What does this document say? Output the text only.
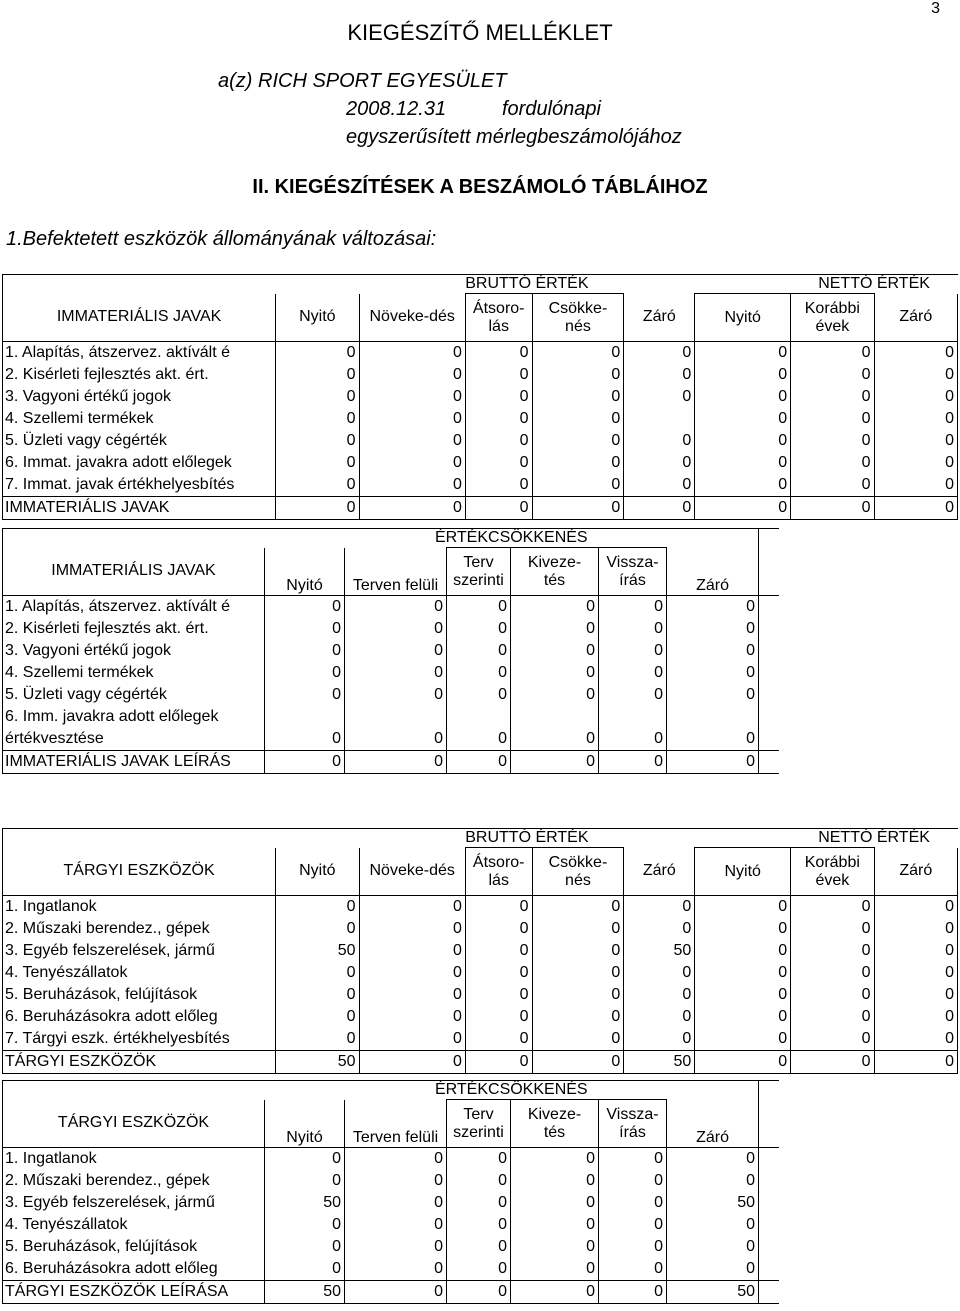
3
KIEGÉSZÍTŐ MELLÉKLET
a(z) RICH SPORT EGYESÜLET
2008.12.31	fordulónapi
egyszerűsített mérlegbeszámolójához
II. KIEGÉSZÍTÉSEK A BESZÁMOLÓ TÁBLÁIHOZ
1.Befektetett eszközök állományának változásai:
		BRUTTÓ ÉRTÉK					NETTÓ ÉRTÉK	
IMMATERIÁLIS JAVAK	Nyitó	Növeke-dés	Átsoro-
lás	Csökke-
nés	Záró	Nyitó	Korábbi
évek	Záró
1. Alapítás, átszervez. aktívált é	0	0	0	0	0	0	0	0
2. Kisérleti fejlesztés akt. ért.	0	0	0	0	0	0	0	0
3. Vagyoni értékű jogok	0	0	0	0	0	0	0	0
4. Szellemi termékek	0	0	0	0		0	0	0
5. Üzleti vagy cégérték	0	0	0	0	0	0	0	0
6. Immat. javakra adott előlegek	0	0	0	0	0	0	0	0
7. Immat. javak értékhelyesbítés	0	0	0	0	0	0	0	0
IMMATERIÁLIS JAVAK	0	0	0	0	0	0	0	0
	ÉRTÉKCSÖKKENÉS						
IMMATERIÁLIS JAVAK	Nyitó	Terven felüli	Terv
szerinti	Kiveze-
tés	Vissza-
írás	Záró	
1. Alapítás, átszervez. aktívált é	0	0	0	0	0	0	
2. Kisérleti fejlesztés akt. ért.	0	0	0	0	0	0	
3. Vagyoni értékű jogok	0	0	0	0	0	0	
4. Szellemi termékek	0	0	0	0	0	0	
5. Üzleti vagy cégérték	0	0	0	0	0	0	
6. Imm. javakra adott előlegek							
értékvesztése	0	0	0	0	0	0	
IMMATERIÁLIS JAVAK LEÍRÁS	0	0	0	0	0	0	
		BRUTTÓ ÉRTÉK					NETTÓ ÉRTÉK	
TÁRGYI ESZKÖZÖK	Nyitó	Növeke-dés	Átsoro-
lás	Csökke-
nés	Záró	Nyitó	Korábbi
évek	Záró
1. Ingatlanok	0	0	0	0	0	0	0	0
2. Műszaki berendez., gépek	0	0	0	0	0	0	0	0
3. Egyéb felszerelések, jármű	50	0	0	0	50	0	0	0
4. Tenyészállatok	0	0	0	0	0	0	0	0
5. Beruházások, felújítások	0	0	0	0	0	0	0	0
6. Beruházásokra adott előleg	0	0	0	0	0	0	0	0
7. Tárgyi eszk. értékhelyesbítés	0	0	0	0	0	0	0	0
TÁRGYI ESZKÖZÖK	50	0	0	0	50	0	0	0
	ÉRTÉKCSÖKKENÉS						
TÁRGYI ESZKÖZÖK	Nyitó	Terven felüli	Terv
szerinti	Kiveze-
tés	Vissza-
írás	Záró	
1. Ingatlanok	0	0	0	0	0	0	
2. Műszaki berendez., gépek	0	0	0	0	0	0	
3. Egyéb felszerelések, jármű	50	0	0	0	0	50	
4. Tenyészállatok	0	0	0	0	0	0	
5. Beruházások, felújítások	0	0	0	0	0	0	
6. Beruházásokra adott előleg	0	0	0	0	0	0	
TÁRGYI ESZKÖZÖK LEÍRÁSA	50	0	0	0	0	50	
